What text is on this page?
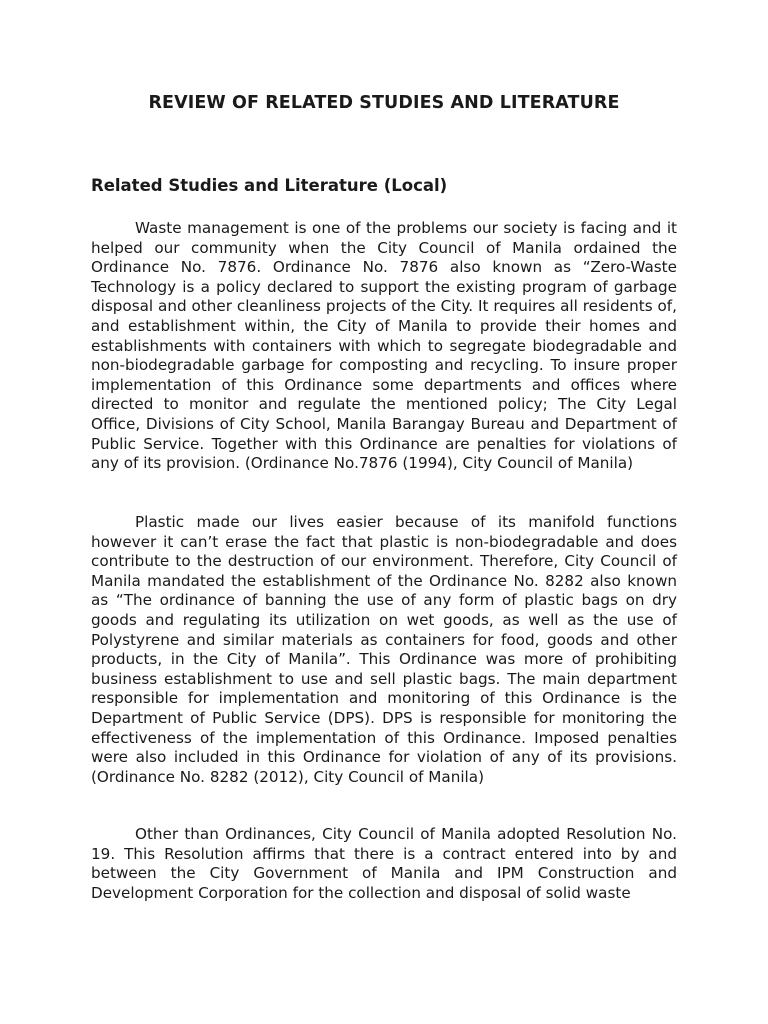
REVIEW OF RELATED STUDIES AND LITERATURE
Related Studies and Literature (Local)

Waste management is one of the problems our society is facing and it helped our community when the City Council of Manila ordained the Ordinance No. 7876. Ordinance No. 7876 also known as “Zero-Waste Technology is a policy declared to support the existing program of garbage disposal and other cleanliness projects of the City. It requires all residents of, and establishment within, the City of Manila to provide their homes and establishments with containers with which to segregate biodegradable and non-biodegradable garbage for composting and recycling. To insure proper implementation of this Ordinance some departments and offices where directed to monitor and regulate the mentioned policy; The City Legal Office, Divisions of City School, Manila Barangay Bureau and Department of Public Service. Together with this Ordinance are penalties for violations of any of its provision. (Ordinance No.7876 (1994), City Council of Manila)

Plastic made our lives easier because of its manifold functions however it can’t erase the fact that plastic is non-biodegradable and does contribute to the destruction of our environment. Therefore, City Council of Manila mandated the establishment of the Ordinance No. 8282 also known as “The ordinance of banning the use of any form of plastic bags on dry goods and regulating its utilization on wet goods, as well as the use of Polystyrene and similar materials as containers for food, goods and other products, in the City of Manila”. This Ordinance was more of prohibiting business establishment to use and sell plastic bags. The main department responsible for implementation and monitoring of this Ordinance is the Department of Public Service (DPS). DPS is responsible for monitoring the effectiveness of the implementation of this Ordinance. Imposed penalties were also included in this Ordinance for violation of any of its provisions. (Ordinance No. 8282 (2012), City Council of Manila)

Other than Ordinances, City Council of Manila adopted Resolution No. 19. This Resolution affirms that there is a contract entered into by and between the City Government of Manila and IPM Construction and Development Corporation for the collection and disposal of solid waste
